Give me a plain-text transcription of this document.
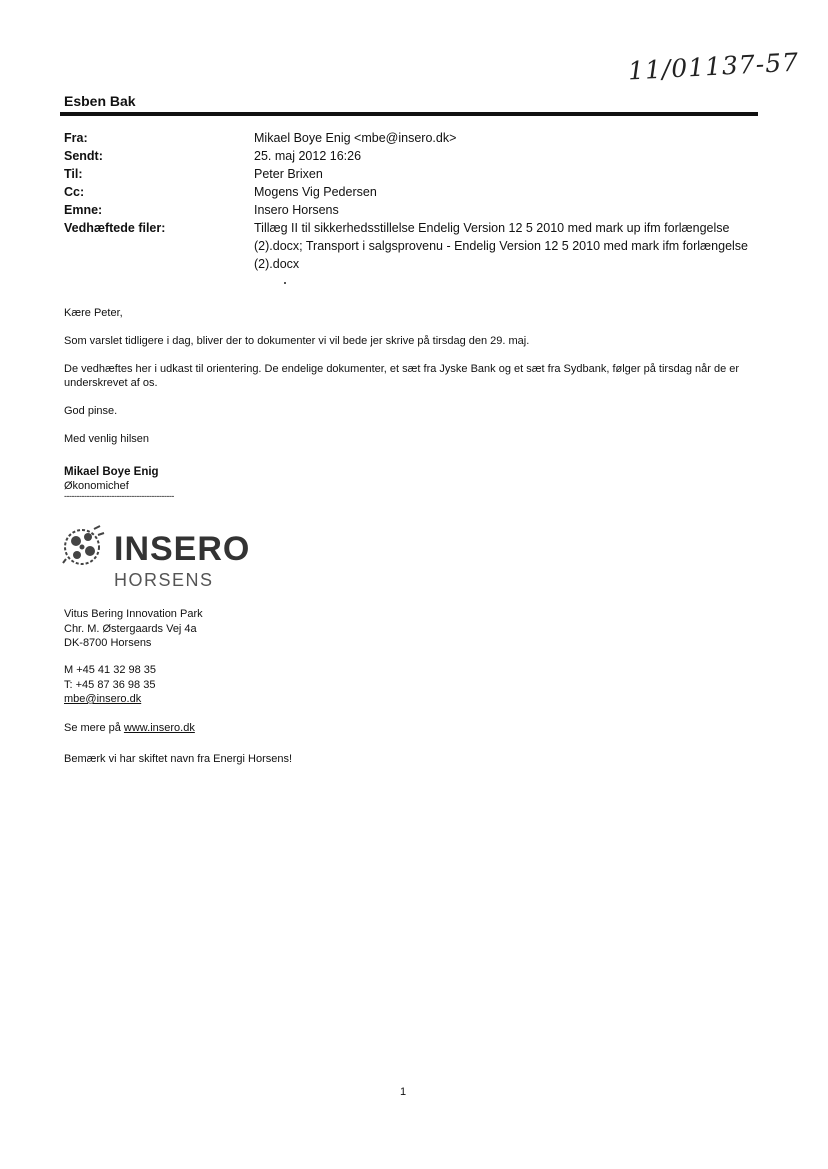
11/01137-57
Esben Bak
Fra:	Mikael Boye Enig <mbe@insero.dk>
Sendt:	25. maj 2012 16:26
Til:	Peter Brixen
Cc:	Mogens Vig Pedersen
Emne:	Insero Horsens
Vedhæftede filer:	Tillæg II til sikkerhedsstillelse Endelig Version 12 5 2010 med mark up ifm forlængelse (2).docx; Transport i salgsprovenu - Endelig Version 12 5 2010 med mark ifm forlængelse (2).docx

Kære Peter,

Som varslet tidligere i dag, bliver der to dokumenter vi vil bede jer skrive på tirsdag den 29. maj.

De vedhæftes her i udkast til orientering. De endelige dokumenter, et sæt fra Jyske Bank og et sæt fra Sydbank, følger på tirsdag når de er underskrevet af os.

God pinse.

Med venlig hilsen

Mikael Boye Enig
Økonomichef
--------------------------------------------
INSERO
HORSENS
Vitus Bering Innovation Park
Chr. M. Østergaards Vej 4a
DK-8700 Horsens
M +45 41 32 98 35
T: +45 87 36 98 35
mbe@insero.dk
Se mere på www.insero.dk
Bemærk vi har skiftet navn fra Energi Horsens!
1
